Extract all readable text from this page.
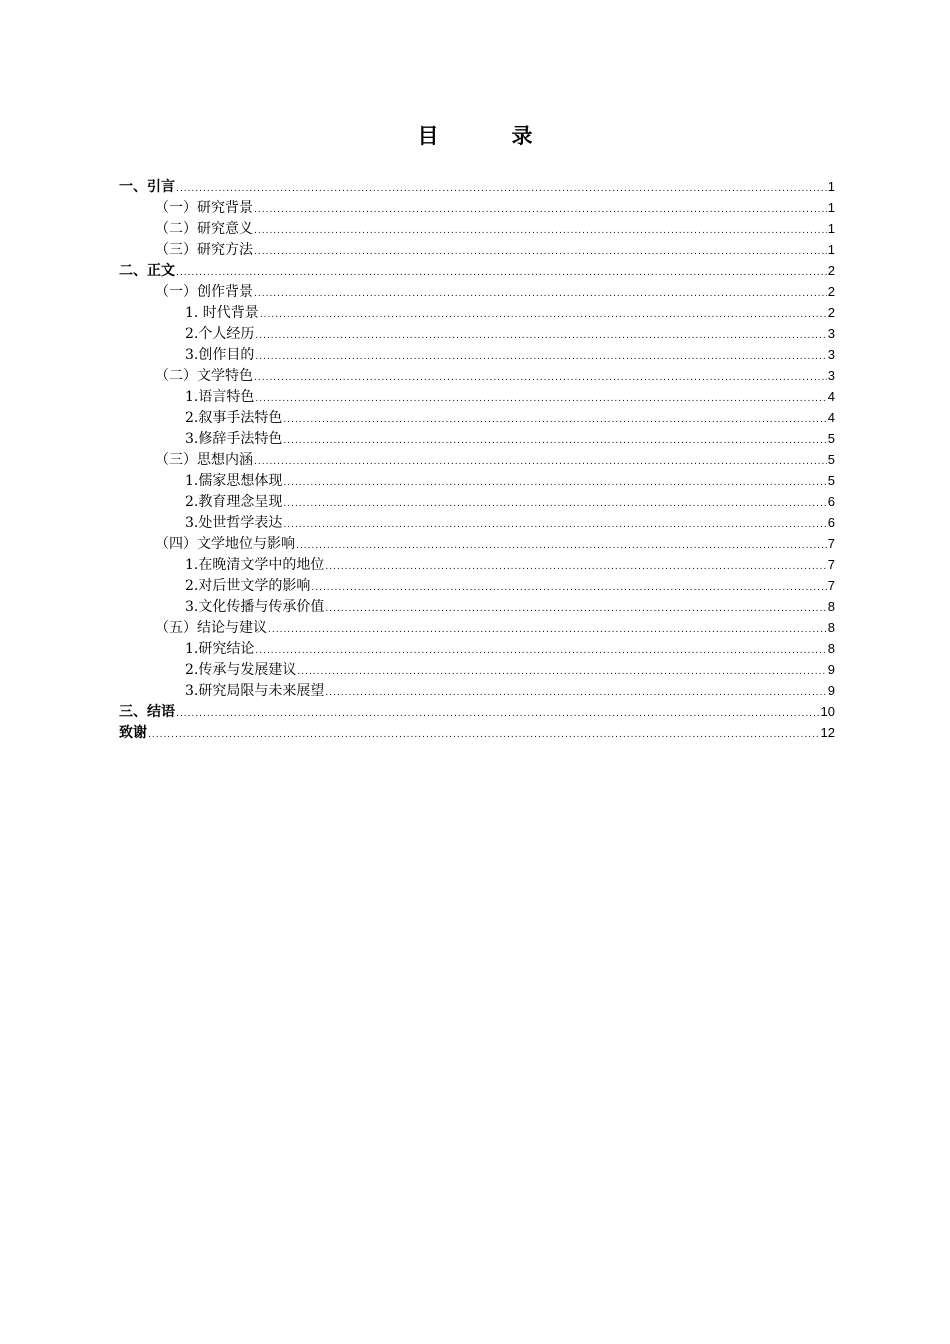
目　录
一、引言 .....	1
（一）研究背景 .....	1
（二）研究意义 .....	1
（三）研究方法 .....	1
二、正文 .....	2
（一）创作背景 .....	2
1. 时代背景 .....	2
2.个人经历 .....	3
3.创作目的 .....	3
（二）文学特色 .....	3
1.语言特色 .....	4
2.叙事手法特色 .....	4
3.修辞手法特色 .....	5
（三）思想内涵 .....	5
1.儒家思想体现 .....	5
2.教育理念呈现 .....	6
3.处世哲学表达 .....	6
（四）文学地位与影响 .....	7
1.在晚清文学中的地位 .....	7
2.对后世文学的影响 .....	7
3.文化传播与传承价值 .....	8
（五）结论与建议 .....	8
1.研究结论 .....	8
2.传承与发展建议 .....	9
3.研究局限与未来展望 .....	9
三、结语 .....	10
致谢 .....	12
